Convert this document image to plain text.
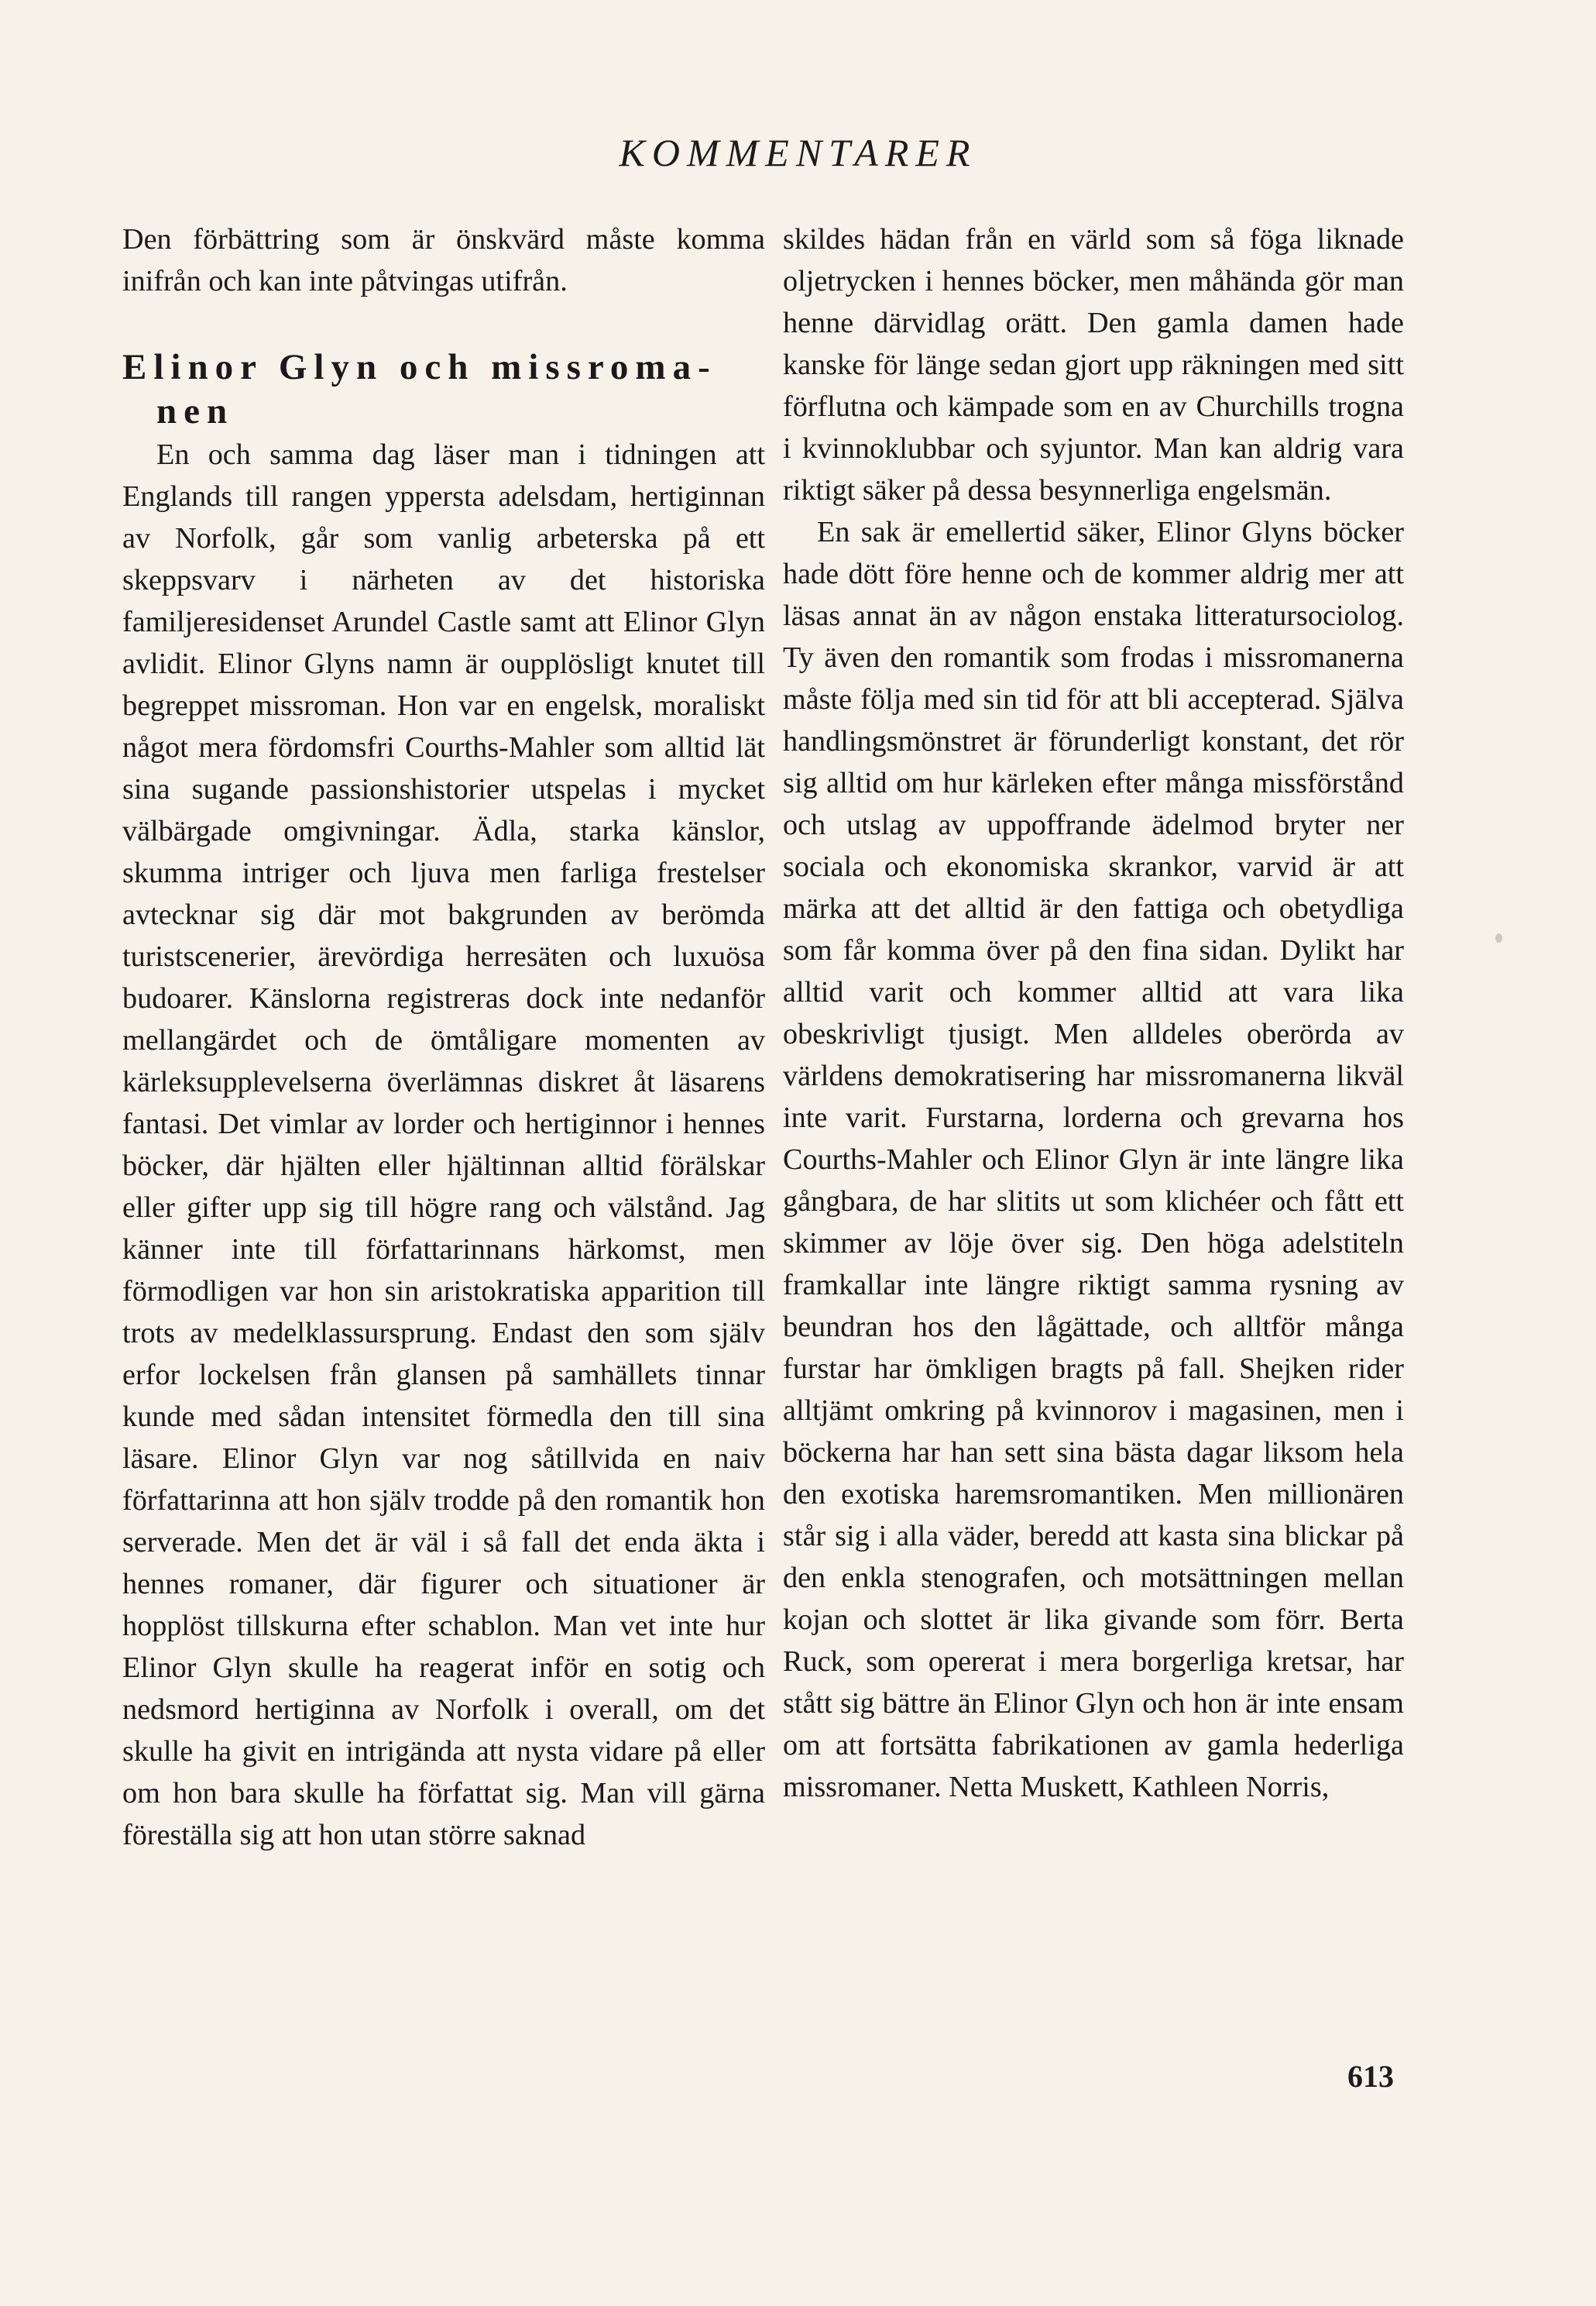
KOMMENTARER

Den förbättring som är önskvärd måste komma inifrån och kan inte påtvingas utifrån.

Elinor Glyn och missroma-
nen

En och samma dag läser man i tidningen att Englands till rangen yppersta adelsdam, hertiginnan av Norfolk, går som vanlig arbeterska på ett skeppsvarv i närheten av det historiska familjeresidenset Arundel Castle samt att Elinor Glyn avlidit. Elinor Glyns namn är oupplösligt knutet till begreppet missroman. Hon var en engelsk, moraliskt något mera fördomsfri Courths-Mahler som alltid lät sina sugande passionshistorier utspelas i mycket välbärgade omgivningar. Ädla, starka känslor, skumma intriger och ljuva men farliga frestelser avtecknar sig där mot bakgrunden av berömda turistscenerier, ärevördiga herresäten och luxuösa budoarer. Känslorna registreras dock inte nedanför mellangärdet och de ömtåligare momenten av kärleksupplevelserna överlämnas diskret åt läsarens fantasi. Det vimlar av lorder och hertiginnor i hennes böcker, där hjälten eller hjältinnan alltid förälskar eller gifter upp sig till högre rang och välstånd. Jag känner inte till författarinnans härkomst, men förmodligen var hon sin aristokratiska apparition till trots av medelklassursprung. Endast den som själv erfor lockelsen från glansen på samhällets tinnar kunde med sådan intensitet förmedla den till sina läsare. Elinor Glyn var nog såtillvida en naiv författarinna att hon själv trodde på den romantik hon serverade. Men det är väl i så fall det enda äkta i hennes romaner, där figurer och situationer är hopplöst tillskurna efter schablon. Man vet inte hur Elinor Glyn skulle ha reagerat inför en sotig och nedsmord hertiginna av Norfolk i overall, om det skulle ha givit en intrigända att nysta vidare på eller om hon bara skulle ha författat sig. Man vill gärna föreställa sig att hon utan större saknad

skildes hädan från en värld som så föga liknade oljetrycken i hennes böcker, men måhända gör man henne därvidlag orätt. Den gamla damen hade kanske för länge sedan gjort upp räkningen med sitt förflutna och kämpade som en av Churchills trogna i kvinnoklubbar och syjuntor. Man kan aldrig vara riktigt säker på dessa besynnerliga engelsmän.

En sak är emellertid säker, Elinor Glyns böcker hade dött före henne och de kommer aldrig mer att läsas annat än av någon enstaka litteratursociolog. Ty även den romantik som frodas i missromanerna måste följa med sin tid för att bli accepterad. Själva handlingsmönstret är förunderligt konstant, det rör sig alltid om hur kärleken efter många missförstånd och utslag av uppoffrande ädelmod bryter ner sociala och ekonomiska skrankor, varvid är att märka att det alltid är den fattiga och obetydliga som får komma över på den fina sidan. Dylikt har alltid varit och kommer alltid att vara lika obeskrivligt tjusigt. Men alldeles oberörda av världens demokratisering har missromanerna likväl inte varit. Furstarna, lorderna och grevarna hos Courths-Mahler och Elinor Glyn är inte längre lika gångbara, de har slitits ut som klichéer och fått ett skimmer av löje över sig. Den höga adelstiteln framkallar inte längre riktigt samma rysning av beundran hos den lågättade, och alltför många furstar har ömkligen bragts på fall. Shejken rider alltjämt omkring på kvinnorov i magasinen, men i böckerna har han sett sina bästa dagar liksom hela den exotiska haremsromantiken. Men millionären står sig i alla väder, beredd att kasta sina blickar på den enkla stenografen, och motsättningen mellan kojan och slottet är lika givande som förr. Berta Ruck, som opererat i mera borgerliga kretsar, har stått sig bättre än Elinor Glyn och hon är inte ensam om att fortsätta fabrikationen av gamla hederliga missromaner. Netta Muskett, Kathleen Norris,

613
